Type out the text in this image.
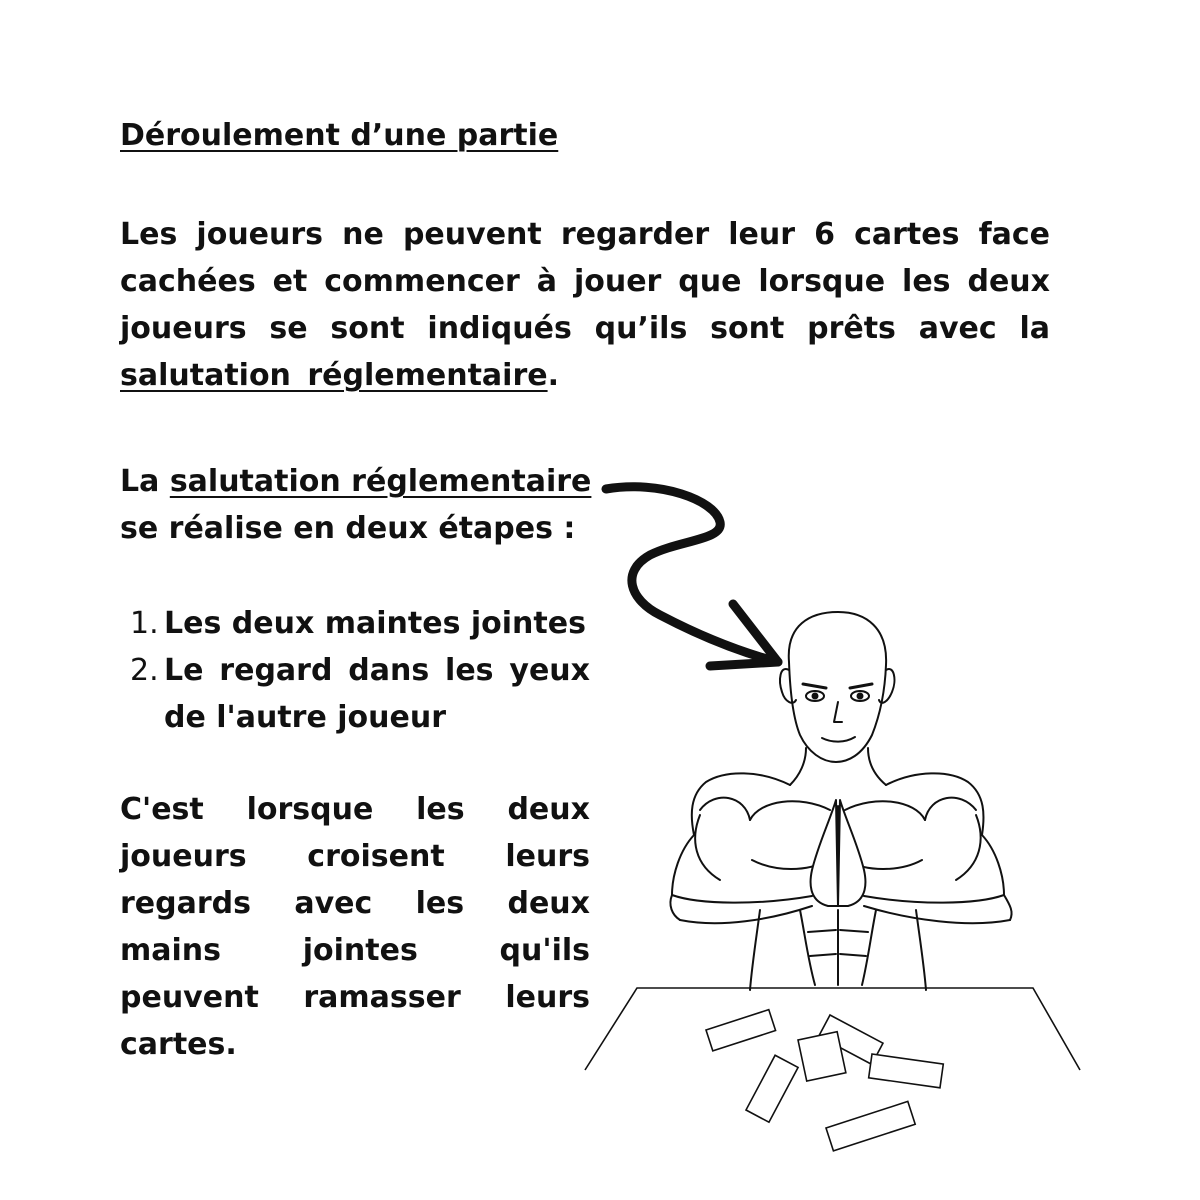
Déroulement d’une partie

Les joueurs ne peuvent regarder leur 6 cartes face cachées et commencer à jouer que lorsque les deux joueurs se sont indiqués qu’ils sont prêts avec la salutation réglementaire.

La salutation réglementaire
se réalise en deux étapes :

1. Les deux maintes jointes
2. Le regard dans les yeux de l'autre joueur

C'est lorsque les deux
joueurs croisent leurs
regards avec les deux
mains jointes qu'ils
peuvent ramasser leurs
cartes.
